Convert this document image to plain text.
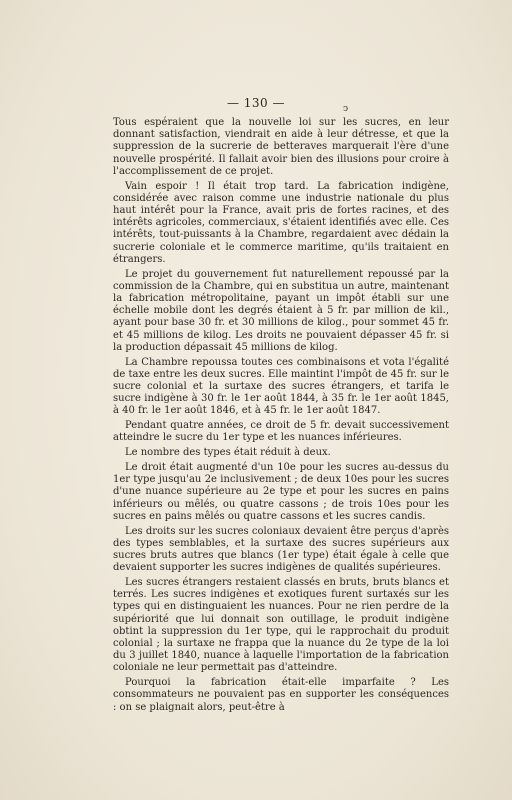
ↄ
— 130 —

Tous espéraient que la nouvelle loi sur les sucres, en leur donnant satisfaction, viendrait en aide à leur détresse, et que la suppression de la sucrerie de betteraves marquerait l'ère d'une nouvelle prospérité. Il fallait avoir bien des illusions pour croire à l'accomplissement de ce projet.

Vain espoir ! Il était trop tard. La fabrication indigène, considérée avec raison comme une industrie nationale du plus haut intérêt pour la France, avait pris de fortes racines, et des intérêts agricoles, commerciaux, s'étaient identifiés avec elle. Ces intérêts, tout-puissants à la Chambre, regardaient avec dédain la sucrerie coloniale et le commerce maritime, qu'ils traitaient en étrangers.

Le projet du gouvernement fut naturellement repoussé par la commission de la Chambre, qui en substitua un autre, maintenant la fabrication métropolitaine, payant un impôt établi sur une échelle mobile dont les degrés étaient à 5 fr. par million de kil., ayant pour base 30 fr. et 30 millions de kilog., pour sommet 45 fr. et 45 millions de kilog. Les droits ne pouvaient dépasser 45 fr. si la production dépassait 45 millions de kilog.

La Chambre repoussa toutes ces combinaisons et vota l'égalité de taxe entre les deux sucres. Elle maintint l'impôt de 45 fr. sur le sucre colonial et la surtaxe des sucres étrangers, et tarifa le sucre indigène à 30 fr. le 1er août 1844, à 35 fr. le 1er août 1845, à 40 fr. le 1er août 1846, et à 45 fr. le 1er août 1847.

Pendant quatre années, ce droit de 5 fr. devait successivement atteindre le sucre du 1er type et les nuances inférieures.

Le nombre des types était réduit à deux.

Le droit était augmenté d'un 10e pour les sucres au-dessus du 1er type jusqu'au 2e inclusivement ; de deux 10es pour les sucres d'une nuance supérieure au 2e type et pour les sucres en pains inférieurs ou mêlés, ou quatre cassons ; de trois 10es pour les sucres en pains mêlés ou quatre cassons et les sucres candis.

Les droits sur les sucres coloniaux devaient être perçus d'après des types semblables, et la surtaxe des sucres supérieurs aux sucres bruts autres que blancs (1er type) était égale à celle que devaient supporter les sucres indigènes de qualités supérieures.

Les sucres étrangers restaient classés en bruts, bruts blancs et terrés. Les sucres indigènes et exotiques furent surtaxés sur les types qui en distinguaient les nuances. Pour ne rien perdre de la supériorité que lui donnait son outillage, le produit indigène obtint la suppression du 1er type, qui le rapprochait du produit colonial ; la surtaxe ne frappa que la nuance du 2e type de la loi du 3 juillet 1840, nuance à laquelle l'importation de la fabrication coloniale ne leur permettait pas d'atteindre.

Pourquoi la fabrication était-elle imparfaite ? Les consommateurs ne pouvaient pas en supporter les conséquences : on se plaignait alors, peut-être à
